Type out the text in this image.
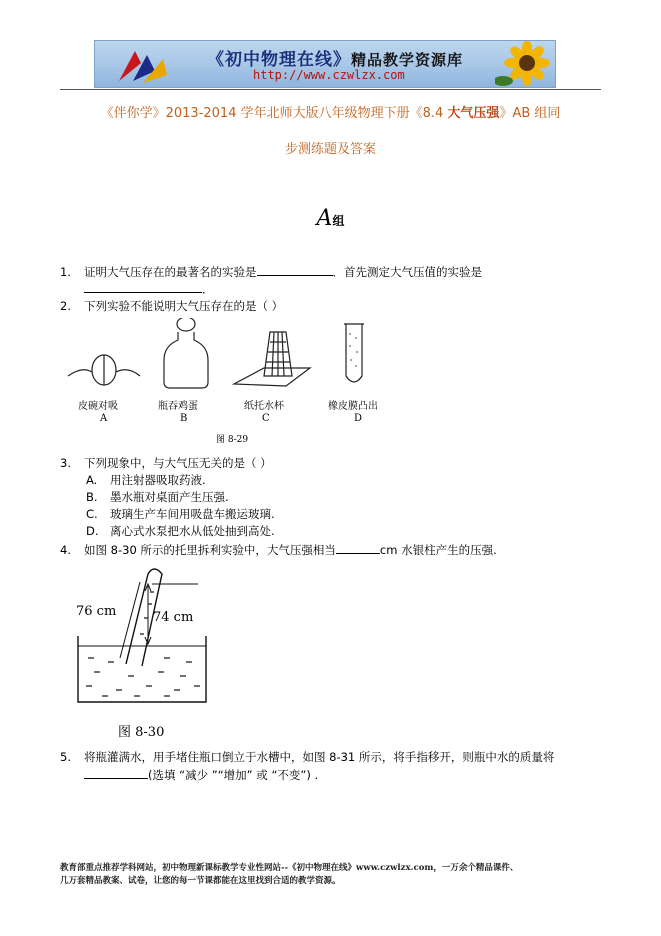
《初中物理在线》精品教学资源库
http://www.czwlzx.com
《伴你学》2013-2014 学年北师大版八年级物理下册《8.4 大气压强》AB 组同
步测练题及答案
A组
1. 证明大气压存在的最著名的实验是	．首先测定大气压值的实验是
．
2. 下列实验不能说明大气压存在的是（ ）
皮碗对吸
A
瓶吞鸡蛋
B
纸托水杯
C
橡皮膜凸出
D
图 8-29
3. 下列现象中，与大气压无关的是（ ）
A. 用注射器吸取药液.
B. 墨水瓶对桌面产生压强.
C. 玻璃生产车间用吸盘车搬运玻璃.
D. 离心式水泵把水从低处抽到高处.
4. 如图 8-30 所示的托里拆利实验中，大气压强相当	cm 水银柱产生的压强.
76 cm	74 cm
图 8-30
5. 将瓶灌满水，用手堵住瓶口倒立于水槽中，如图 8-31 所示，将手指移开，则瓶中水的质量将
(选填 “减少 ”“增加” 或 “不变”) .
教育部重点推荐学科网站，初中物理新课标教学专业性网站--《初中物理在线》www.czwlzx.com，一万余个精品课件、
几万套精品教案、试卷，让您的每一节课都能在这里找到合适的教学资源。
